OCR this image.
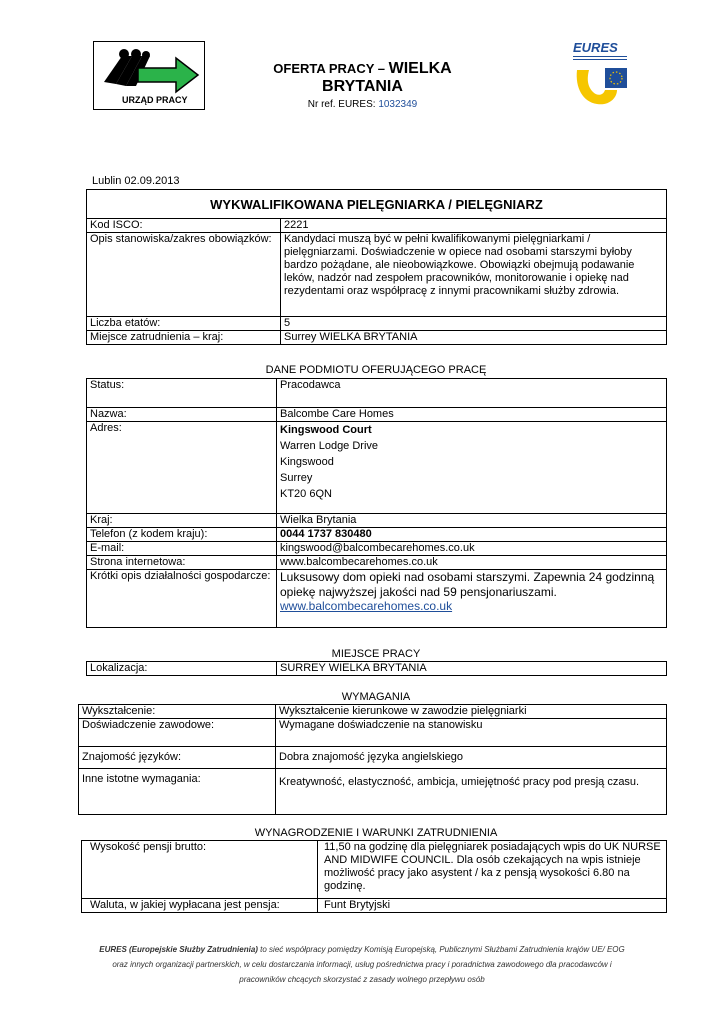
URZĄD PRACY
OFERTA PRACY – WIELKA
BRYTANIA
Nr ref. EURES: 1032349
EURES
Lublin 02.09.2013
WYKWALIFIKOWANA PIELĘGNIARKA / PIELĘGNIARZ	
Kod ISCO:	2221
Opis stanowiska/zakres obowiązków:	Kandydaci muszą być w pełni kwalifikowanymi pielęgniarkami / pielęgniarzami. Doświadczenie w opiece nad osobami starszymi byłoby bardzo pożądane, ale nieobowiązkowe. Obowiązki obejmują podawanie leków, nadzór nad zespołem pracowników, monitorowanie i opiekę nad rezydentami oraz współpracę z innymi pracownikami służby zdrowia.
Liczba etatów:	5
Miejsce zatrudnienia – kraj:	Surrey WIELKA BRYTANIA
DANE PODMIOTU OFERUJĄCEGO PRACĘ
Status:	Pracodawca
Nazwa:	Balcombe Care Homes
Adres:	Kingswood Court
Warren Lodge Drive
Kingswood
Surrey
KT20 6QN

Kraj:	Wielka Brytania
Telefon (z kodem kraju):	0044 1737 830480
E-mail:	kingswood@balcombecarehomes.co.uk
Strona internetowa:	www.balcombecarehomes.co.uk
Krótki opis działalności gospodarcze:	Luksusowy dom opieki nad osobami starszymi. Zapewnia 24 godzinną opiekę najwyższej jakości nad 59 pensjonariuszami.
www.balcombecarehomes.co.uk
MIEJSCE PRACY
Lokalizacja:	SURREY WIELKA BRYTANIA
WYMAGANIA
Wykształcenie:	Wykształcenie kierunkowe w zawodzie pielęgniarki
Doświadczenie zawodowe:	Wymagane doświadczenie na stanowisku
Znajomość języków:	Dobra znajomość języka angielskiego
Inne istotne wymagania:	Kreatywność, elastyczność, ambicja, umiejętność pracy pod presją czasu.
WYNAGRODZENIE I WARUNKI ZATRUDNIENIA
Wysokość pensji brutto:	11,50 na godzinę dla pielęgniarek posiadających wpis do UK NURSE AND MIDWIFE COUNCIL. Dla osób czekających na wpis istnieje możliwość pracy jako asystent / ka z pensją wysokości 6.80 na godzinę.
Waluta, w jakiej wypłacana jest pensja:	Funt Brytyjski
EURES (Europejskie Służby Zatrudnienia) to sieć współpracy pomiędzy Komisją Europejską, Publicznymi Służbami Zatrudnienia krajów UE/ EOG
oraz innych organizacji partnerskich, w celu dostarczania informacji, usług pośrednictwa pracy i poradnictwa zawodowego dla pracodawców i
pracowników chcących skorzystać z zasady wolnego przepływu osób
